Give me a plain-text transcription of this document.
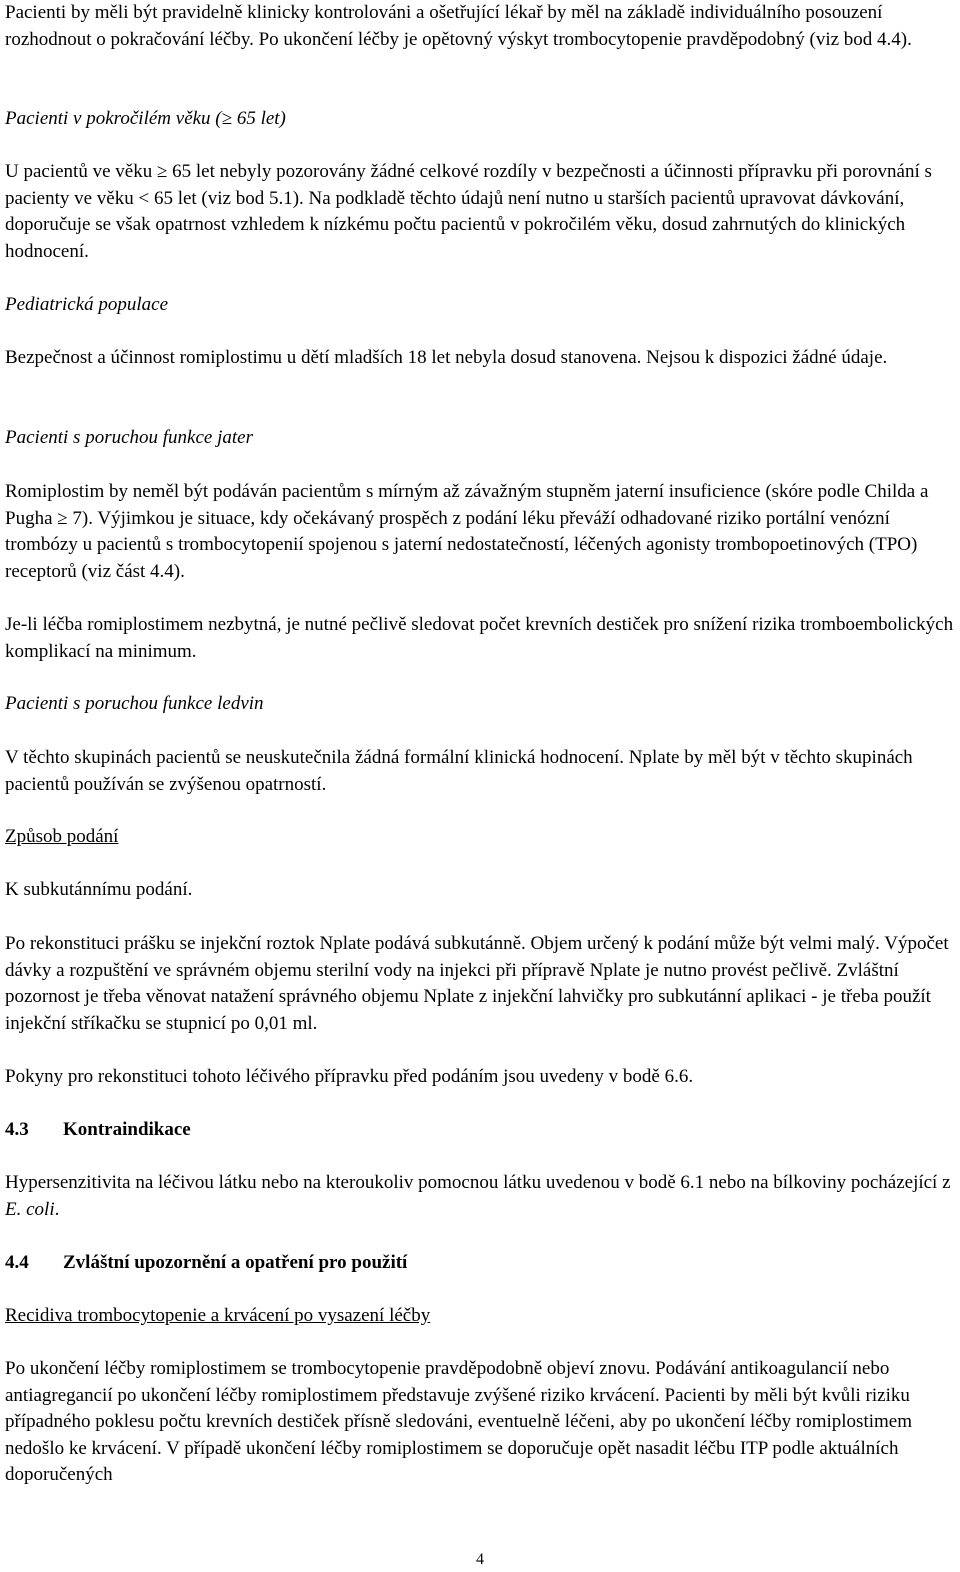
Pacienti by měli být pravidelně klinicky kontrolováni a ošetřující lékař by měl na základě individuálního posouzení rozhodnout o pokračování léčby. Po ukončení léčby je opětovný výskyt trombocytopenie pravděpodobný (viz bod 4.4).

Pacienti v pokročilém věku (≥ 65 let)

U pacientů ve věku ≥ 65 let nebyly pozorovány žádné celkové rozdíly v bezpečnosti a účinnosti přípravku při porovnání s pacienty ve věku < 65 let (viz bod 5.1). Na podkladě těchto údajů není nutno u starších pacientů upravovat dávkování, doporučuje se však opatrnost vzhledem k nízkému počtu pacientů v pokročilém věku, dosud zahrnutých do klinických hodnocení.

Pediatrická populace

Bezpečnost a účinnost romiplostimu u dětí mladších 18 let nebyla dosud stanovena. Nejsou k dispozici žádné údaje.

Pacienti s poruchou funkce jater

Romiplostim by neměl být podáván pacientům s mírným až závažným stupněm jaterní insuficience (skóre podle Childa a Pugha ≥ 7). Výjimkou je situace, kdy očekávaný prospěch z podání léku převáží odhadované riziko portální venózní trombózy u pacientů s trombocytopenií spojenou s jaterní nedostatečností, léčených agonisty trombopoetinových (TPO) receptorů (viz část 4.4).

Je-li léčba romiplostimem nezbytná, je nutné pečlivě sledovat počet krevních destiček pro snížení rizika tromboembolických komplikací na minimum.

Pacienti s poruchou funkce ledvin

V těchto skupinách pacientů se neuskutečnila žádná formální klinická hodnocení. Nplate by měl být v těchto skupinách pacientů používán se zvýšenou opatrností.

Způsob podání

K subkutánnímu podání.

Po rekonstituci prášku se injekční roztok Nplate podává subkutánně. Objem určený k podání může být velmi malý. Výpočet dávky a rozpuštění ve správném objemu sterilní vody na injekci při přípravě Nplate je nutno provést pečlivě. Zvláštní pozornost je třeba věnovat natažení správného objemu Nplate z injekční lahvičky pro subkutánní aplikaci - je třeba použít injekční stříkačku se stupnicí po 0,01 ml.

Pokyny pro rekonstituci tohoto léčivého přípravku před podáním jsou uvedeny v bodě 6.6.

4.3 Kontraindikace

Hypersenzitivita na léčivou látku nebo na kteroukoliv pomocnou látku uvedenou v bodě 6.1 nebo na bílkoviny pocházející z E. coli.

4.4 Zvláštní upozornění a opatření pro použití

Recidiva trombocytopenie a krvácení po vysazení léčby

Po ukončení léčby romiplostimem se trombocytopenie pravděpodobně objeví znovu. Podávání antikoagulancií nebo antiagregancií po ukončení léčby romiplostimem představuje zvýšené riziko krvácení. Pacienti by měli být kvůli riziku případného poklesu počtu krevních destiček přísně sledováni, eventuelně léčeni, aby po ukončení léčby romiplostimem nedošlo ke krvácení. V případě ukončení léčby romiplostimem se doporučuje opět nasadit léčbu ITP podle aktuálních doporučených

4
